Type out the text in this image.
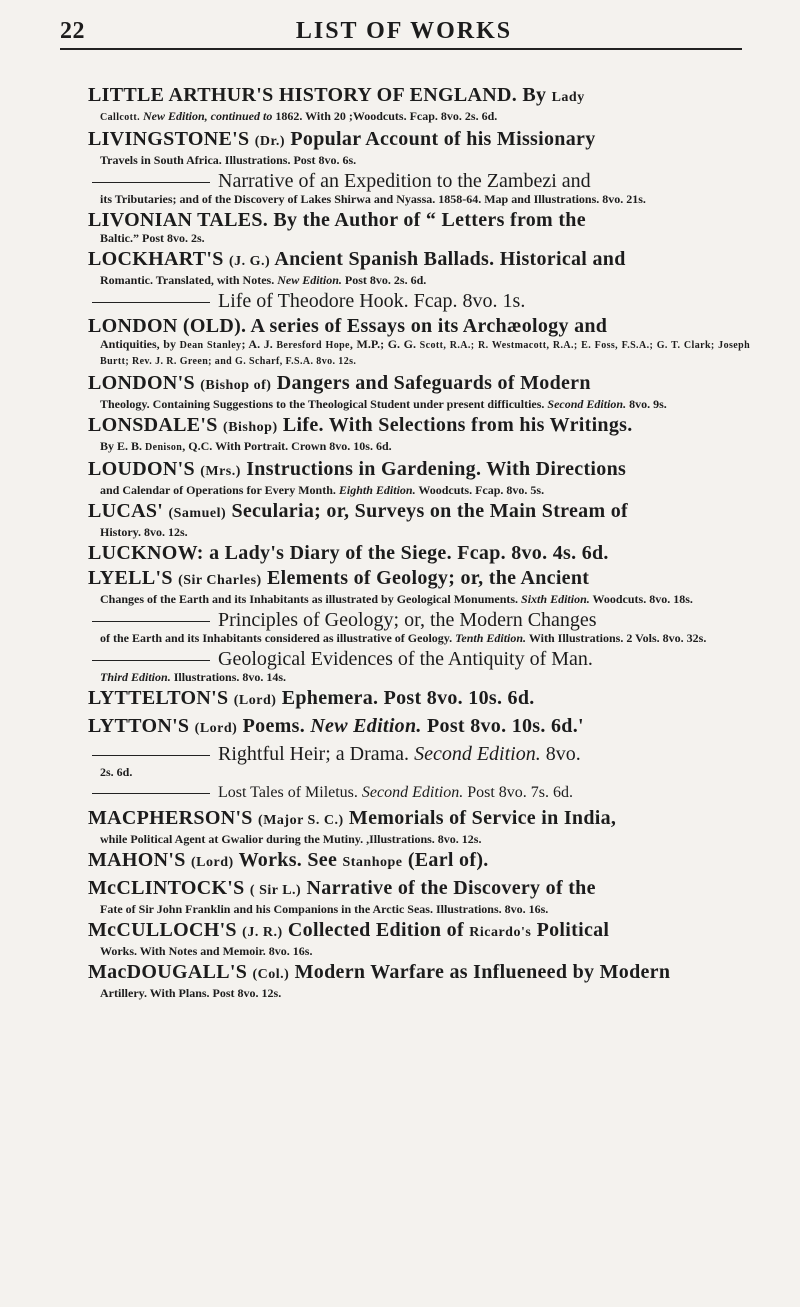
22	LIST OF WORKS
LITTLE ARTHUR'S HISTORY OF ENGLAND. By Lady
Callcott. New Edition, continued to 1862. With 20 ;Woodcuts. Fcap. 8vo. 2s. 6d.
LIVINGSTONE'S (Dr.) Popular Account of his Missionary
Travels in South Africa. Illustrations. Post 8vo. 6s.
Narrative of an Expedition to the Zambezi and
its Tributaries; and of the Discovery of Lakes Shirwa and Nyassa. 1858-64. Map and Illustrations. 8vo. 21s.
LIVONIAN TALES. By the Author of “ Letters from the
Baltic.” Post 8vo. 2s.
LOCKHART'S (J. G.) Ancient Spanish Ballads. Historical and
Romantic. Translated, with Notes. New Edition. Post 8vo. 2s. 6d.
Life of Theodore Hook. Fcap. 8vo. 1s.
LONDON (OLD). A series of Essays on its Archæology and
Antiquities, by Dean Stanley; A. J. Beresford Hope, M.P.; G. G. Scott, R.A.; R. Westmacott, R.A.; E. Foss, F.S.A.; G. T. Clark; Joseph Burtt; Rev. J. R. Green; and G. Scharf, F.S.A. 8vo. 12s.
LONDON'S (Bishop of) Dangers and Safeguards of Modern
Theology. Containing Suggestions to the Theological Student under present difficulties. Second Edition. 8vo. 9s.
LONSDALE'S (Bishop) Life. With Selections from his Writings.
By E. B. Denison, Q.C. With Portrait. Crown 8vo. 10s. 6d.
LOUDON'S (Mrs.) Instructions in Gardening. With Directions
and Calendar of Operations for Every Month. Eighth Edition. Woodcuts. Fcap. 8vo. 5s.
LUCAS' (Samuel) Secularia; or, Surveys on the Main Stream of
History. 8vo. 12s.
LUCKNOW: a Lady's Diary of the Siege. Fcap. 8vo. 4s. 6d.
LYELL'S (Sir Charles) Elements of Geology; or, the Ancient
Changes of the Earth and its Inhabitants as illustrated by Geological Monuments. Sixth Edition. Woodcuts. 8vo. 18s.
Principles of Geology; or, the Modern Changes
of the Earth and its Inhabitants considered as illustrative of Geology. Tenth Edition. With Illustrations. 2 Vols. 8vo. 32s.
Geological Evidences of the Antiquity of Man.
Third Edition. Illustrations. 8vo. 14s.
LYTTELTON'S (Lord) Ephemera. Post 8vo. 10s. 6d.
LYTTON'S (Lord) Poems. New Edition. Post 8vo. 10s. 6d.'
Rightful Heir; a Drama. Second Edition. 8vo.
2s. 6d.
Lost Tales of Miletus. Second Edition. Post 8vo. 7s. 6d.
MACPHERSON'S (Major S. C.) Memorials of Service in India,
while Political Agent at Gwalior during the Mutiny. ,Illustrations. 8vo. 12s.
MAHON'S (Lord) Works. See Stanhope (Earl of).
McCLINTOCK'S ( Sir L.) Narrative of the Discovery of the
Fate of Sir John Franklin and his Companions in the Arctic Seas. Illustrations. 8vo. 16s.
McCULLOCH'S (J. R.) Collected Edition of Ricardo's Political
Works. With Notes and Memoir. 8vo. 16s.
MacDOUGALL'S (Col.) Modern Warfare as Influeneed by Modern
Artillery. With Plans. Post 8vo. 12s.
